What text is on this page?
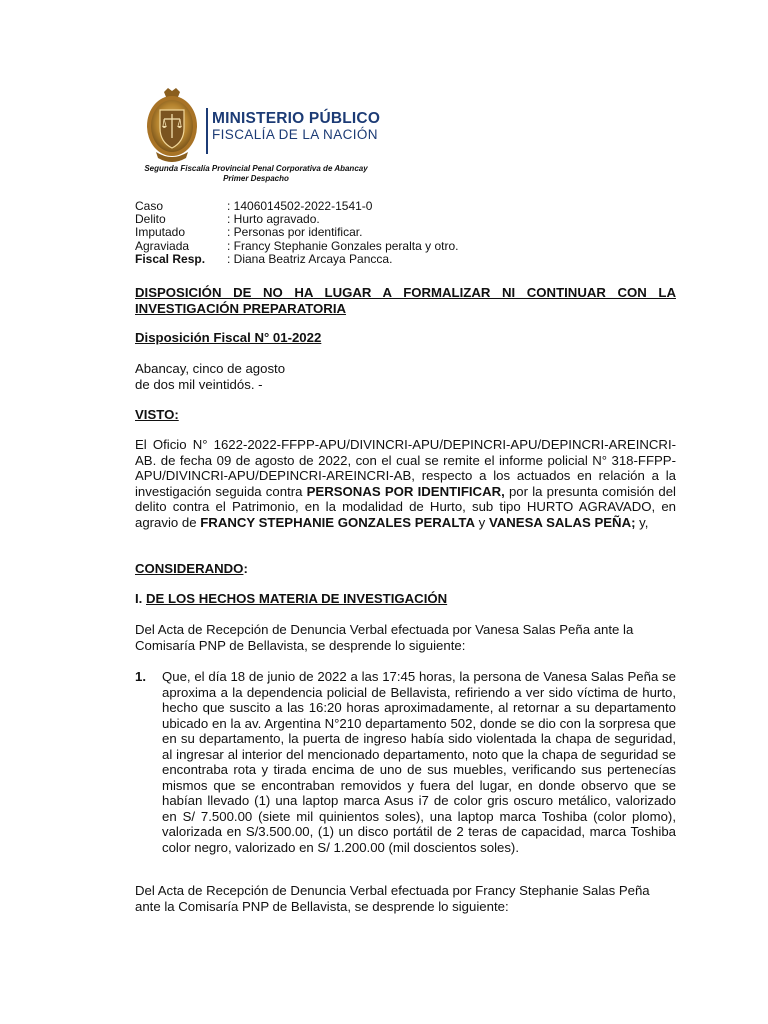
MINISTERIO PÚBLICO
FISCALÍA DE LA NACIÓN
Segunda Fiscalía Provincial Penal Corporativa de Abancay
Primer Despacho
Caso	: 1406014502-2022-1541-0
Delito	: Hurto agravado.
Imputado	: Personas por identificar.
Agraviada	: Francy Stephanie Gonzales peralta y otro.
Fiscal Resp.	: Diana Beatriz Arcaya Pancca.
DISPOSICIÓN DE NO HA LUGAR A FORMALIZAR NI CONTINUAR CON LA INVESTIGACIÓN PREPARATORIA
Disposición Fiscal N° 01-2022
Abancay, cinco de agosto
de dos mil veintidós. -
VISTO:
El Oficio N° 1622-2022-FFPP-APU/DIVINCRI-APU/DEPINCRI-APU/DEPINCRI-AREINCRI-AB. de fecha 09 de agosto de 2022, con el cual se remite el informe policial N° 318-FFPP-APU/DIVINCRI-APU/DEPINCRI-AREINCRI-AB, respecto a los actuados en relación a la investigación seguida contra PERSONAS POR IDENTIFICAR, por la presunta comisión del delito contra el Patrimonio, en la modalidad de Hurto, sub tipo HURTO AGRAVADO, en agravio de FRANCY STEPHANIE GONZALES PERALTA y VANESA SALAS PEÑA; y,
CONSIDERANDO:
I. DE LOS HECHOS MATERIA DE INVESTIGACIÓN
Del Acta de Recepción de Denuncia Verbal efectuada por Vanesa Salas Peña ante la Comisaría PNP de Bellavista, se desprende lo siguiente:
1. Que, el día 18 de junio de 2022 a las 17:45 horas, la persona de Vanesa Salas Peña se aproxima a la dependencia policial de Bellavista, refiriendo a ver sido víctima de hurto, hecho que suscito a las 16:20 horas aproximadamente, al retornar a su departamento ubicado en la av. Argentina N°210 departamento 502, donde se dio con la sorpresa que en su departamento, la puerta de ingreso había sido violentada la chapa de seguridad, al ingresar al interior del mencionado departamento, noto que la chapa de seguridad se encontraba rota y tirada encima de uno de sus muebles, verificando sus pertenecías mismos que se encontraban removidos y fuera del lugar, en donde observo que se habían llevado (1) una laptop marca Asus i7 de color gris oscuro metálico, valorizado en S/ 7.500.00 (siete mil quinientos soles), una laptop marca Toshiba (color plomo), valorizada en S/3.500.00, (1) un disco portátil de 2 teras de capacidad, marca Toshiba color negro, valorizado en S/ 1.200.00 (mil doscientos soles).
Del Acta de Recepción de Denuncia Verbal efectuada por Francy Stephanie Salas Peña ante la Comisaría PNP de Bellavista, se desprende lo siguiente:
